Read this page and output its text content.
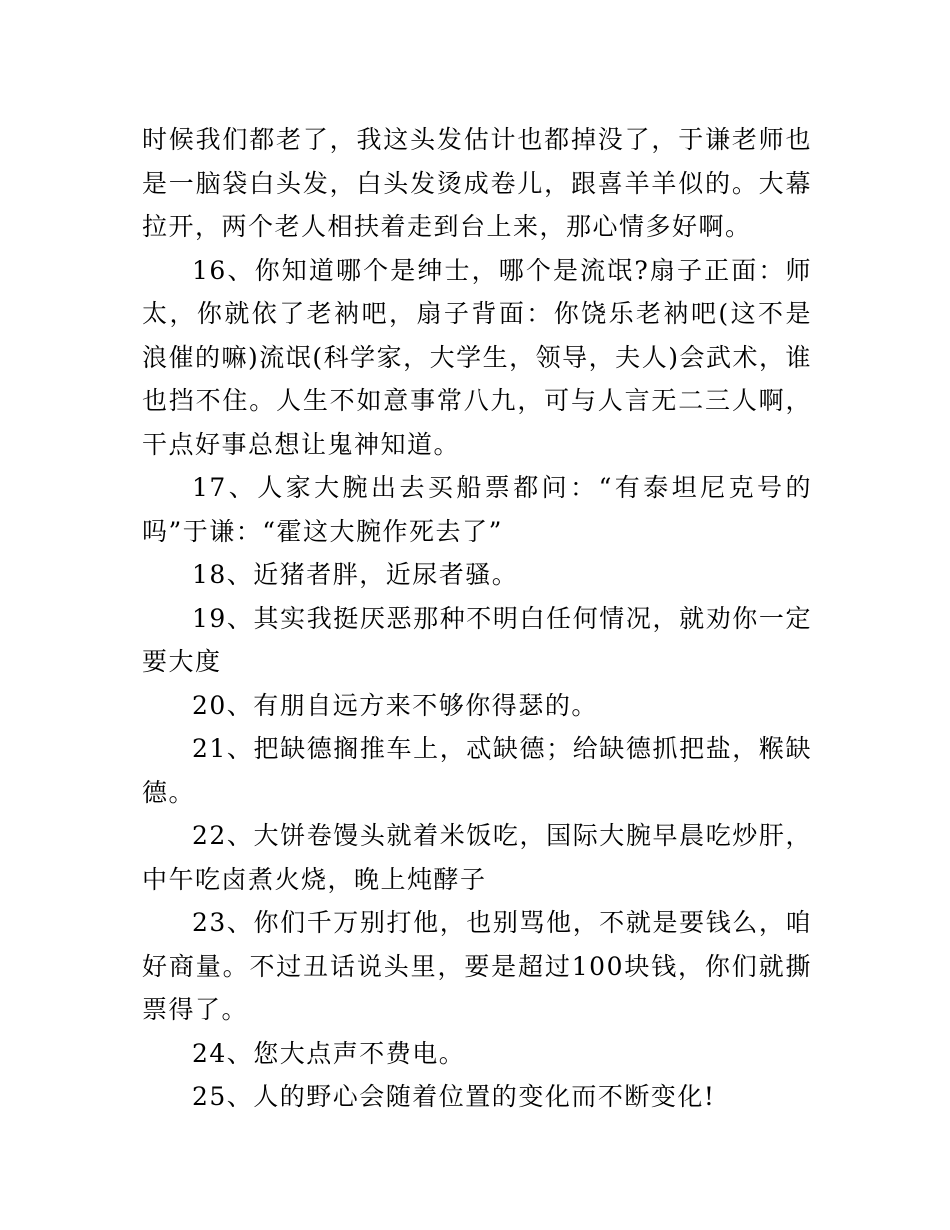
时候我们都老了，我这头发估计也都掉没了，于谦老师也是一脑袋白头发，白头发烫成卷儿，跟喜羊羊似的。大幕拉开，两个老人相扶着走到台上来，那心情多好啊。

16、你知道哪个是绅士，哪个是流氓?扇子正面：师太，你就依了老衲吧，扇子背面：你饶乐老衲吧(这不是浪催的嘛)流氓(科学家，大学生，领导，夫人)会武术，谁也挡不住。人生不如意事常八九，可与人言无二三人啊，干点好事总想让鬼神知道。

17、人家大腕出去买船票都问：“有泰坦尼克号的吗”于谦：“霍这大腕作死去了”

18、近猪者胖，近尿者骚。

19、其实我挺厌恶那种不明白任何情况，就劝你一定要大度

20、有朋自远方来不够你得瑟的。

21、把缺德搁推车上，忒缺德；给缺德抓把盐，糇缺德。

22、大饼卷馒头就着米饭吃，国际大腕早晨吃炒肝，中午吃卤煮火烧，晚上炖酵子

23、你们千万别打他，也别骂他，不就是要钱么，咱好商量。不过丑话说头里，要是超过100块钱，你们就撕票得了。

24、您大点声不费电。

25、人的野心会随着位置的变化而不断变化!
